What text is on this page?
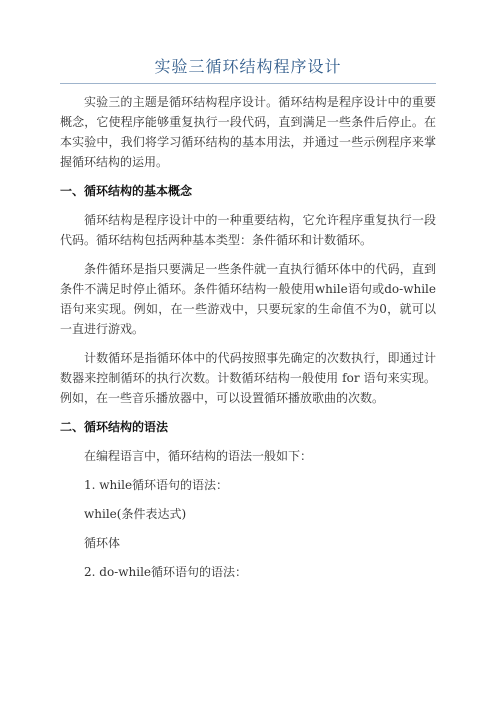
实验三循环结构程序设计

实验三的主题是循环结构程序设计。循环结构是程序设计中的重要概念，它使程序能够重复执行一段代码，直到满足一些条件后停止。在本实验中，我们将学习循环结构的基本用法，并通过一些示例程序来掌握循环结构的运用。

一、循环结构的基本概念

循环结构是程序设计中的一种重要结构，它允许程序重复执行一段代码。循环结构包括两种基本类型：条件循环和计数循环。

条件循环是指只要满足一些条件就一直执行循环体中的代码，直到条件不满足时停止循环。条件循环结构一般使用while语句或do-while语句来实现。例如，在一些游戏中，只要玩家的生命值不为0，就可以一直进行游戏。

计数循环是指循环体中的代码按照事先确定的次数执行，即通过计数器来控制循环的执行次数。计数循环结构一般使用 for 语句来实现。例如，在一些音乐播放器中，可以设置循环播放歌曲的次数。

二、循环结构的语法

在编程语言中，循环结构的语法一般如下：

1. while循环语句的语法：

while(条件表达式)

循环体

2. do-while循环语句的语法：
